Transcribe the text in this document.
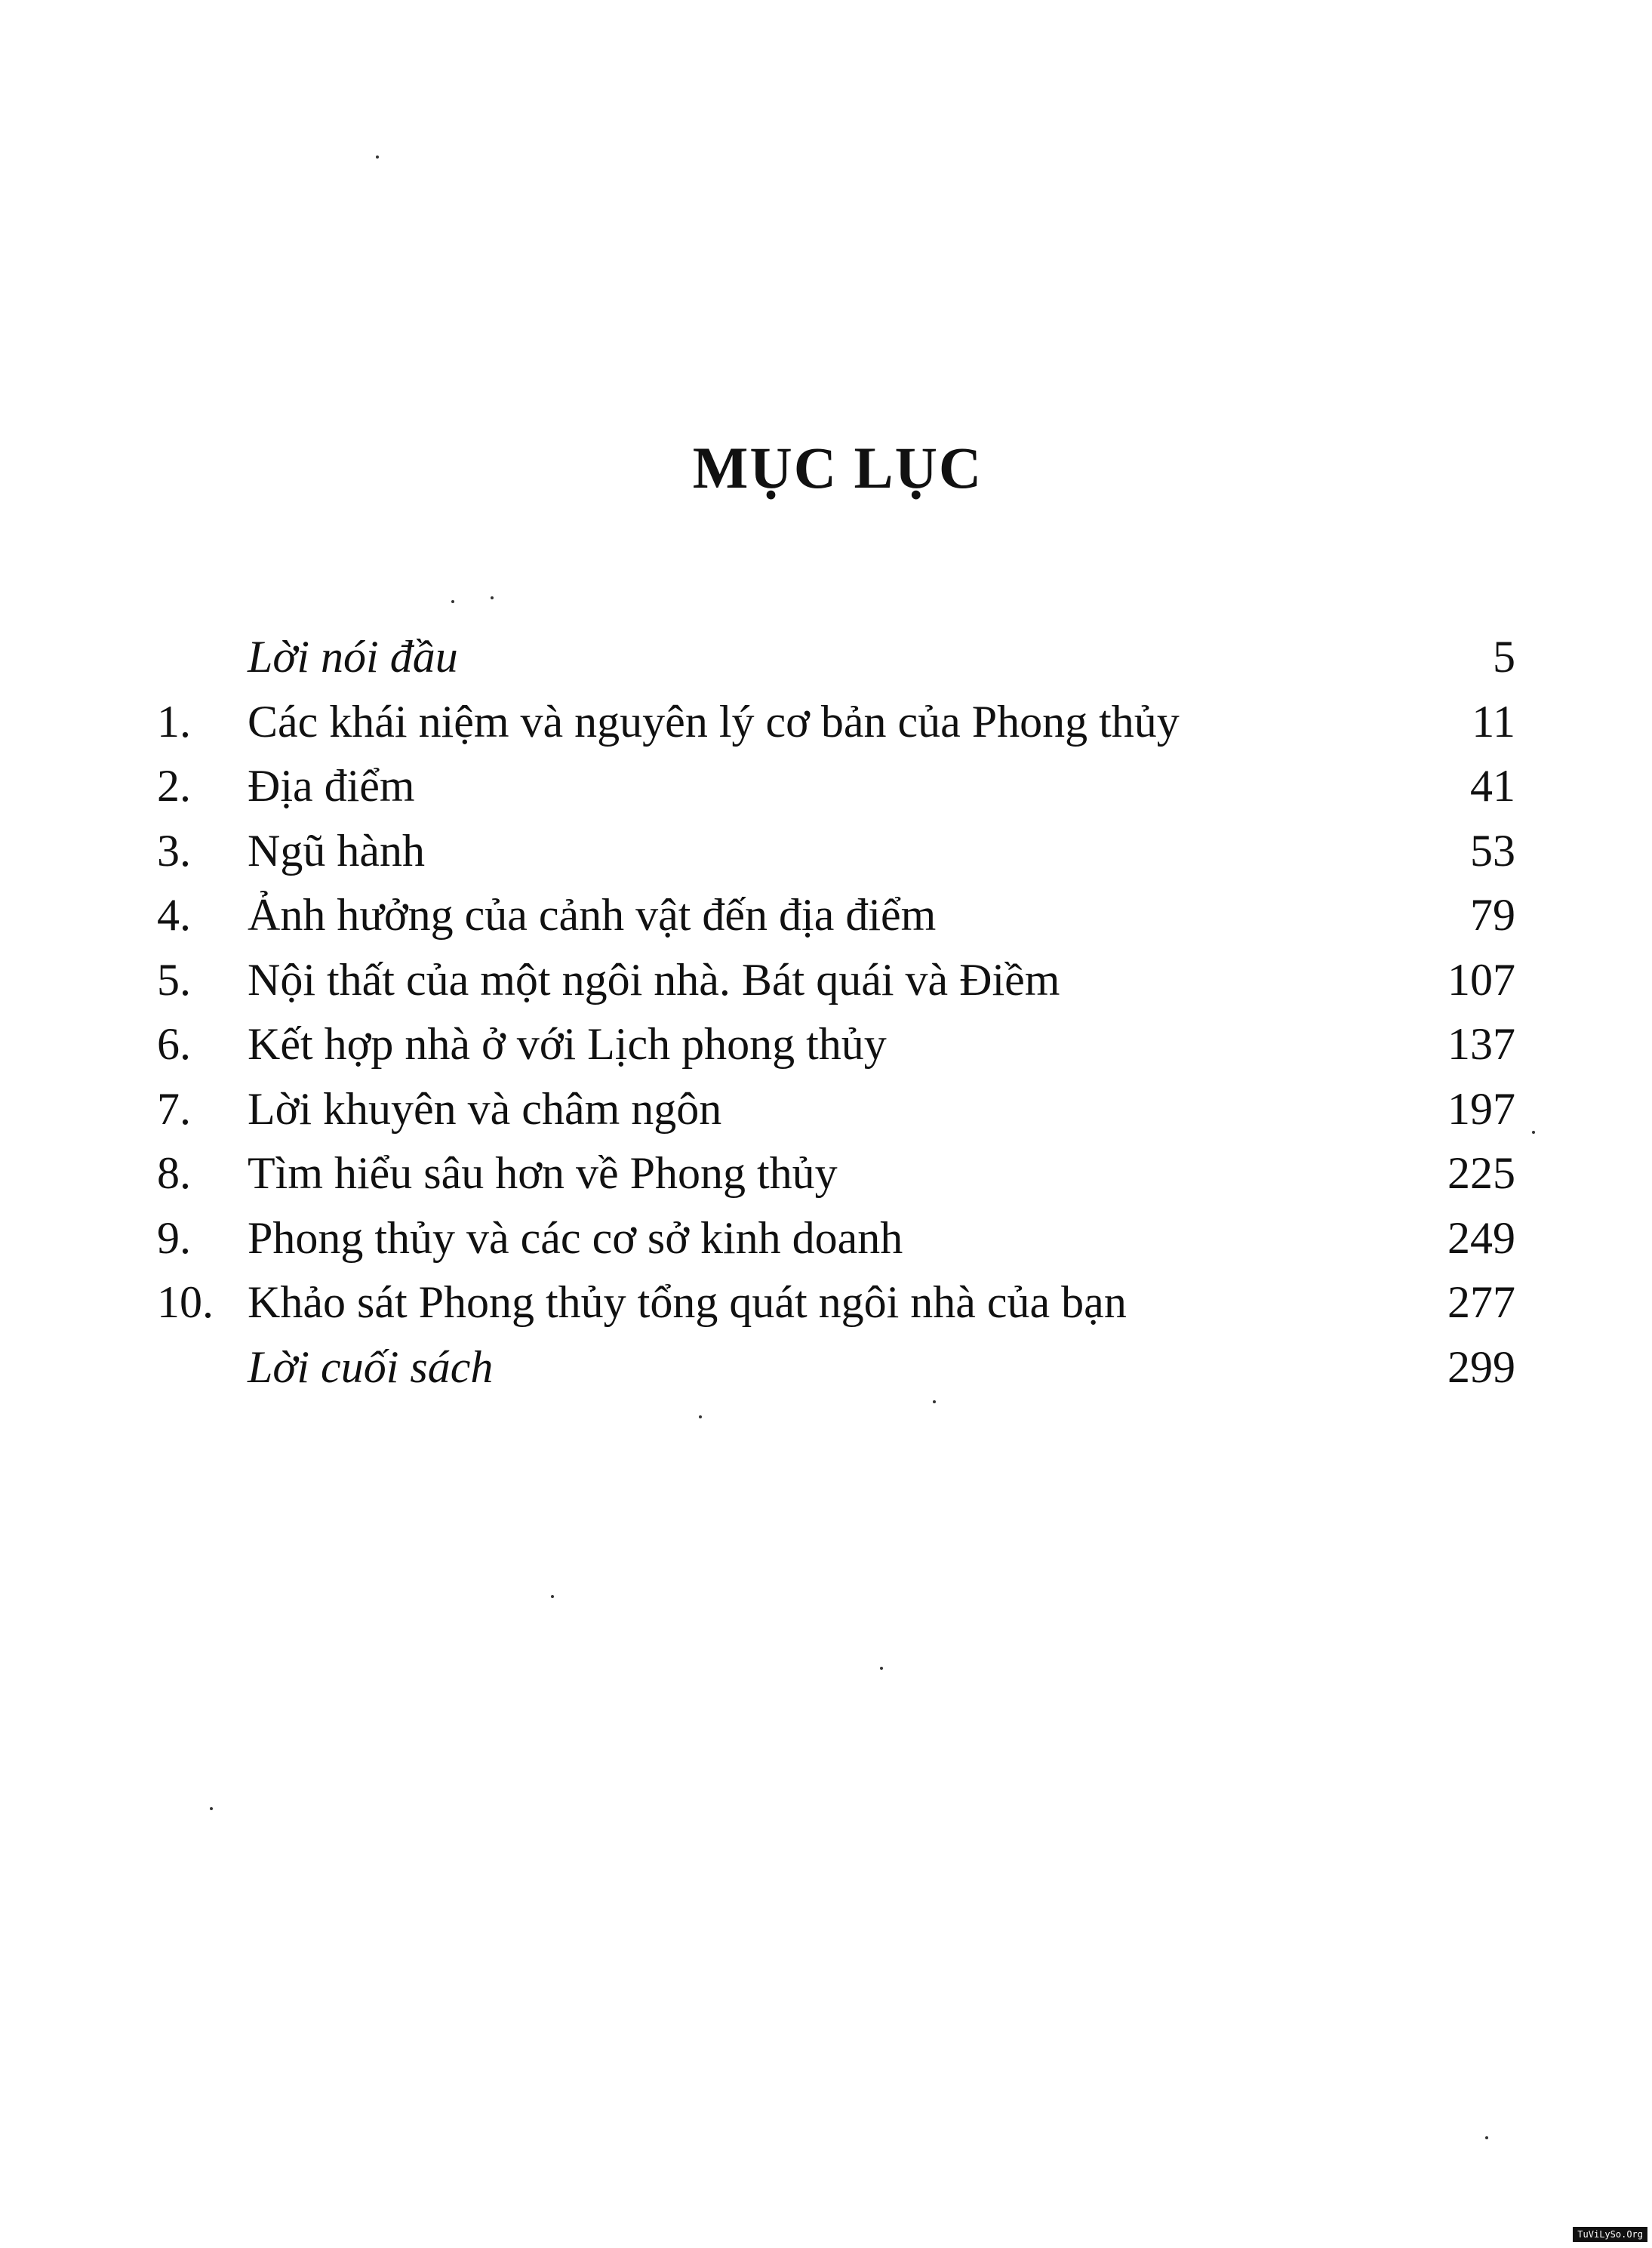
MỤC LỤC
Lời nói đầu	5
1.	Các khái niệm và nguyên lý cơ bản của Phong thủy	11
2.	Địa điểm	41
3.	Ngũ hành	53
4.	Ảnh hưởng của cảnh vật đến địa điểm	79
5.	Nội thất của một ngôi nhà. Bát quái và Điềm	107
6.	Kết hợp nhà ở với Lịch phong thủy	137
7.	Lời khuyên và châm ngôn	197
8.	Tìm hiểu sâu hơn về Phong thủy	225
9.	Phong thủy và các cơ sở kinh doanh	249
10. Khảo sát Phong thủy tổng quát ngôi nhà của bạn	277
Lời cuối sách	299
TuViLySo.Org
